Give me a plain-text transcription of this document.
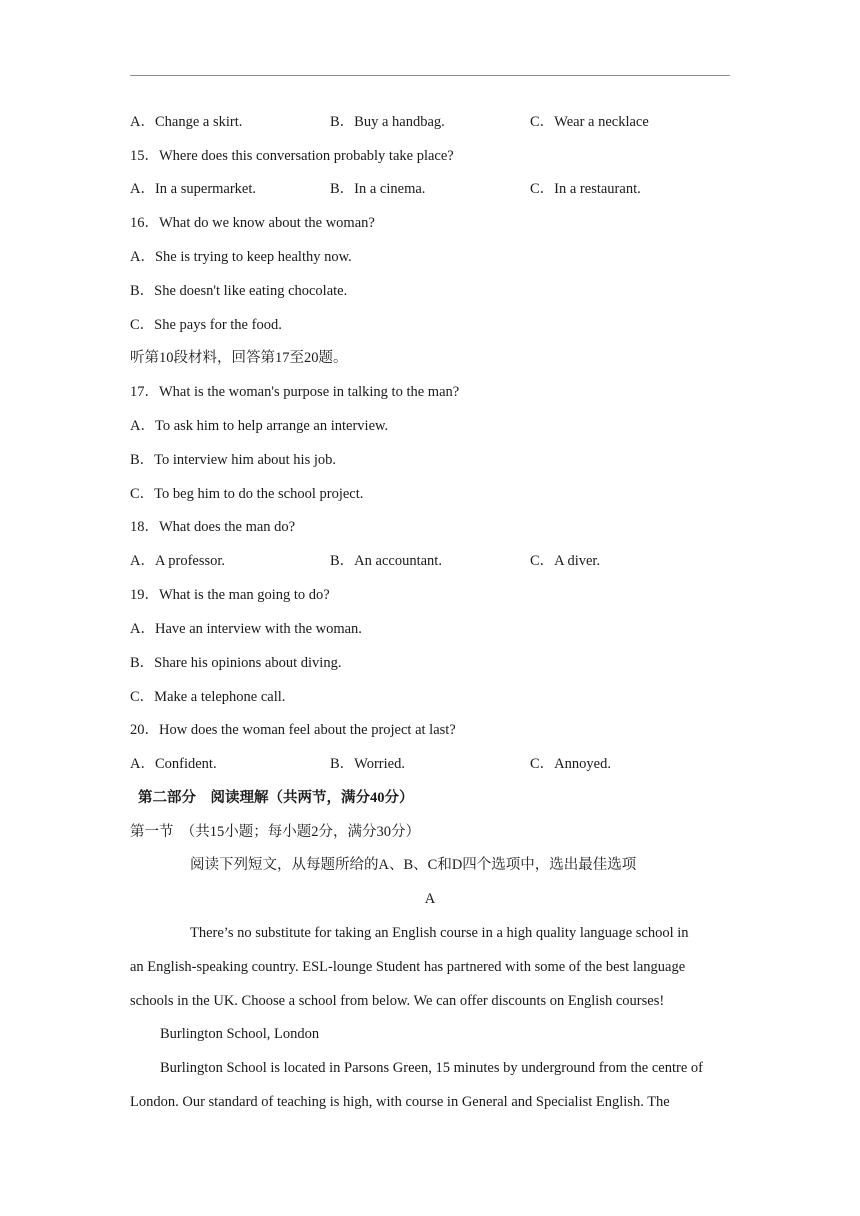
A．Change a skirt.	B．Buy a handbag.	C．Wear a necklace
15．Where does this conversation probably take place?
A．In a supermarket.	B．In a cinema.	C．In a restaurant.
16．What do we know about the woman?
A．She is trying to keep healthy now.
B．She doesn't like eating chocolate.
C．She pays for the food.
听第10段材料，回答第17至20题。
17．What is the woman's purpose in talking to the man?
A．To ask him to help arrange an interview.
B．To interview him about his job.
C．To beg him to do the school project.
18．What does the man do?
A．A professor.	B．An accountant.	C．A diver.
19．What is the man going to do?
A．Have an interview with the woman.
B．Share his opinions about diving.
C．Make a telephone call.
20．How does the woman feel about the project at last?
A．Confident.	B．Worried.	C．Annoyed.
第二部分　阅读理解（共两节，满分40分）
第一节　（共15小题；每小题2分，满分30分）
阅读下列短文，从每题所给的A、B、C和D四个选项中，选出最佳选项
A
There’s no substitute for taking an English course in a high quality language school in
an English-speaking country. ESL-lounge Student has partnered with some of the best language
schools in the UK. Choose a school from below. We can offer discounts on English courses!
Burlington School, London
Burlington School is located in Parsons Green, 15 minutes by underground from the centre of
London. Our standard of teaching is high, with course in General and Specialist English. The
